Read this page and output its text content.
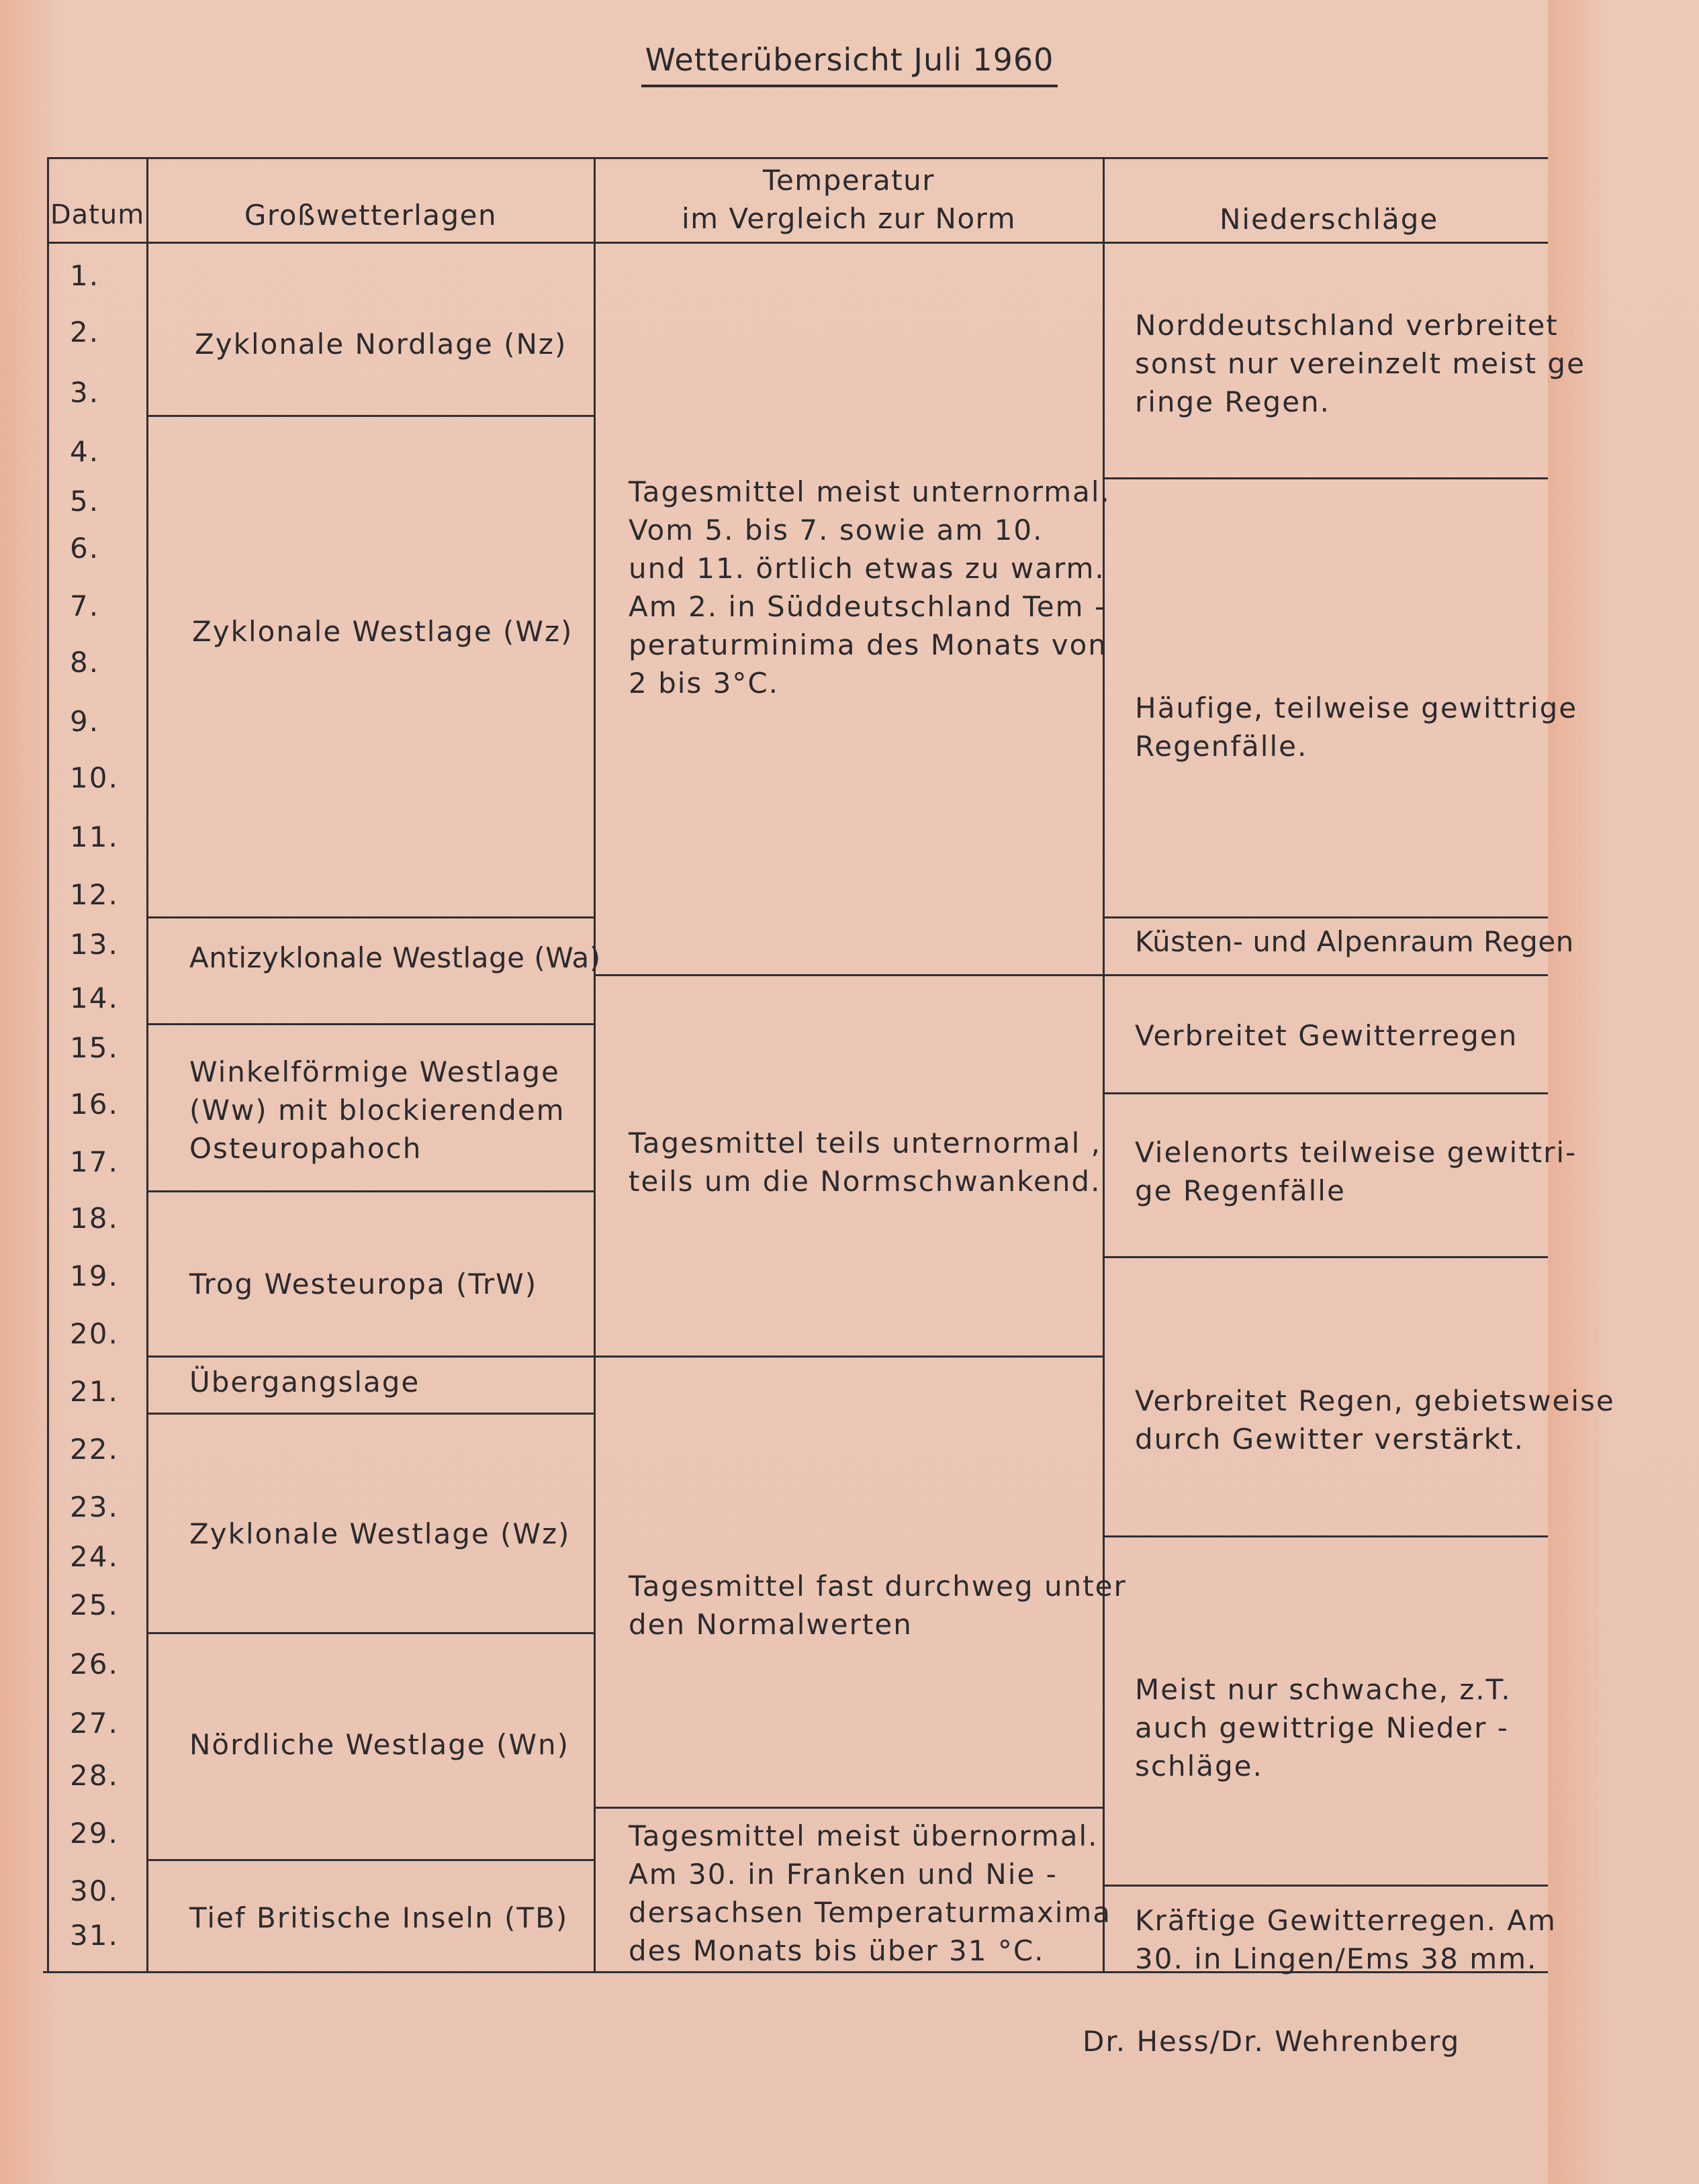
Wetterübersicht Juli 1960
Datum	Großwetterlagen
Temperatur
im Vergleich zur Norm	Niederschläge
1.
2.
3.
4.
5.
6.
7.
8.
9.
10.
11.
12.
13.
14.
15.
16.
17.
18.
19.
20.
21.
22.
23.
24.
25.
26.
27.
28.
29.
30.
31.
Zyklonale Nordlage (Nz)
Zyklonale Westlage (Wz)
Antizyklonale Westlage (Wa)
Winkelförmige Westlage
(Ww) mit blockierendem
Osteuropahoch
Trog Westeuropa (TrW)
Übergangslage
Zyklonale Westlage (Wz)
Nördliche Westlage (Wn)
Tief Britische Inseln (TB)
Tagesmittel meist unternormal.
Vom 5. bis 7. sowie am 10.
und 11. örtlich etwas zu warm.
Am 2. in Süddeutschland Tem -
peraturminima des Monats von
2 bis 3°C.
Tagesmittel teils unternormal ,
teils um die Normschwankend.
Tagesmittel fast durchweg unter
den Normalwerten
Tagesmittel meist übernormal.
Am 30. in Franken und Nie -
dersachsen Temperaturmaxima
des Monats bis über 31 °C.
Norddeutschland verbreitet
sonst nur vereinzelt meist ge
ringe Regen.
Häufige, teilweise gewittrige
Regenfälle.
Küsten- und Alpenraum Regen
Verbreitet Gewitterregen
Vielenorts teilweise gewittri-
ge Regenfälle
Verbreitet Regen, gebietsweise
durch Gewitter verstärkt.
Meist nur schwache, z.T.
auch gewittrige Nieder -
schläge.
Kräftige Gewitterregen. Am
30. in Lingen/Ems 38 mm.
Dr. Hess/Dr. Wehrenberg
